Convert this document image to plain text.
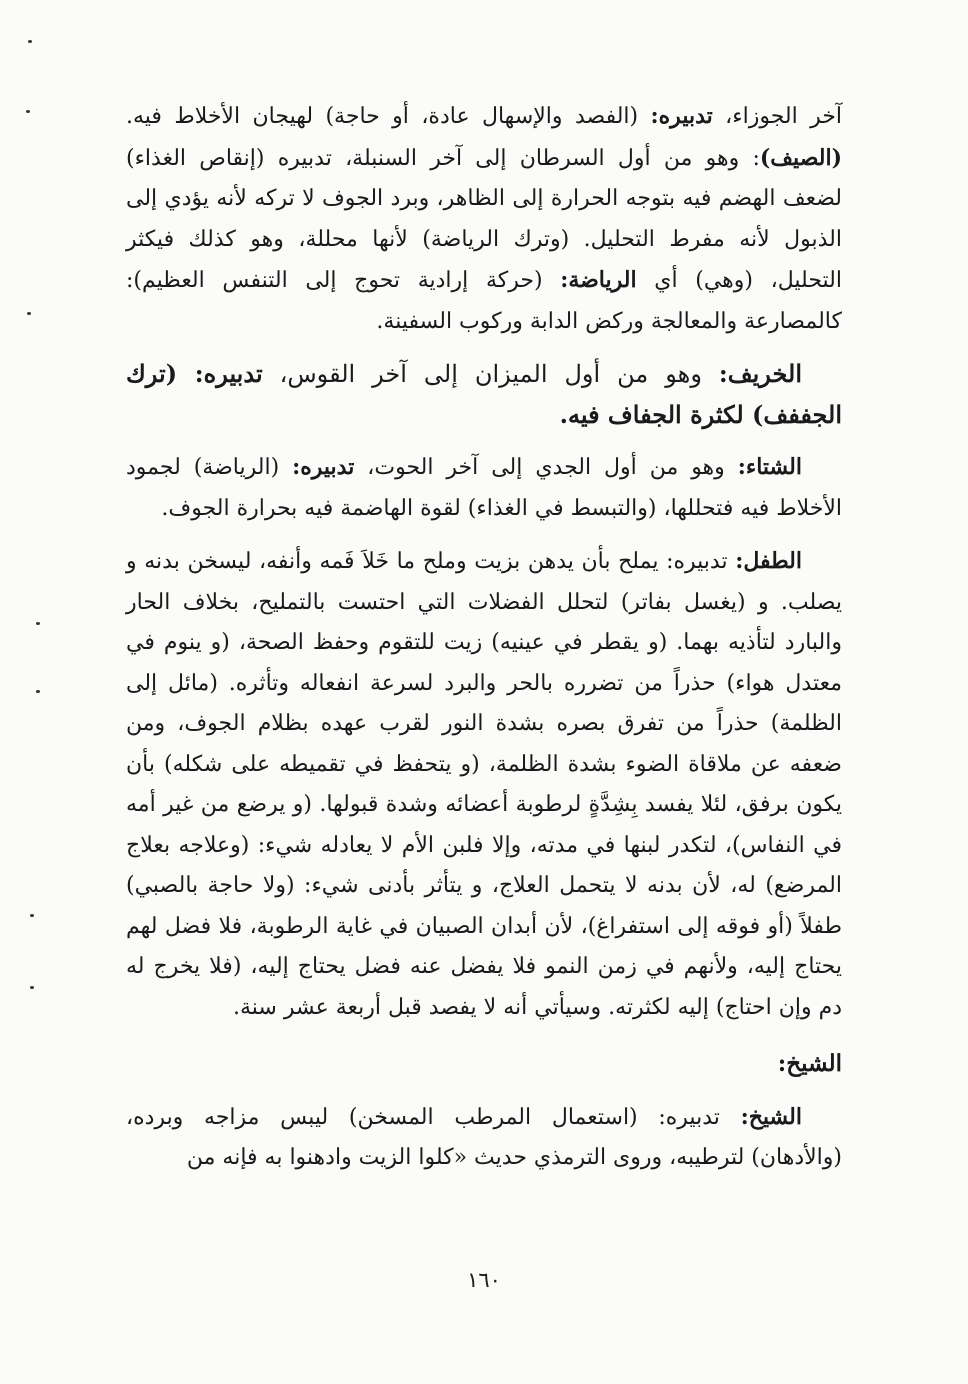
آخر الجوزاء، تدبيره: (الفصد والإسهال عادة، أو حاجة) لهيجان الأخلاط فيه. (الصيف): وهو من أول السرطان إلى آخر السنبلة، تدبيره (إنقاص الغذاء) لضعف الهضم فيه بتوجه الحرارة إلى الظاهر، وبرد الجوف لا تركه لأنه يؤدي إلى الذبول لأنه مفرط التحليل. (وترك الرياضة) لأنها محللة، وهو كذلك فيكثر التحليل، (وهي) أي الرياضة: (حركة إرادية تحوج إلى التنفس العظيم): كالمصارعة والمعالجة وركض الدابة وركوب السفينة.
الخريف: وهو من أول الميزان إلى آخر القوس، تدبيره: (ترك الجففف) لكثرة الجفاف فيه.
الشتاء: وهو من أول الجدي إلى آخر الحوت، تدبيره: (الرياضة) لجمود الأخلاط فيه فتحللها، (والتبسط في الغذاء) لقوة الهاضمة فيه بحرارة الجوف.
الطفل: تدبيره: يملح بأن يدهن بزيت وملح ما خَلاَ فَمه وأنفه، ليسخن بدنه و يصلب. و (يغسل بفاتر) لتحلل الفضلات التي احتست بالتمليح، بخلاف الحار والبارد لتأذيه بهما. (و يقطر في عينيه) زيت للتقوم وحفظ الصحة، (و ينوم في معتدل هواء) حذراً من تضرره بالحر والبرد لسرعة انفعاله وتأثره. (مائل إلى الظلمة) حذراً من تفرق بصره بشدة النور لقرب عهده بظلام الجوف، ومن ضعفه عن ملاقاة الضوء بشدة الظلمة، (و يتحفظ في تقميطه على شكله) بأن يكون برفق، لئلا يفسد بِشِدَّةٍ لرطوبة أعضائه وشدة قبولها. (و يرضع من غير أمه في النفاس)، لتكدر لبنها في مدته، وإلا فلبن الأم لا يعادله شيء: (وعلاجه بعلاج المرضع) له، لأن بدنه لا يتحمل العلاج، و يتأثر بأدنى شيء: (ولا حاجة بالصبي) طفلاً (أو فوقه إلى استفراغ)، لأن أبدان الصبيان في غاية الرطوبة، فلا فضل لهم يحتاج إليه، ولأنهم في زمن النمو فلا يفضل عنه فضل يحتاج إليه، (فلا يخرج له دم وإن احتاج) إليه لكثرته. وسيأتي أنه لا يفصد قبل أربعة عشر سنة.
الشيخ:
الشيخ: تدبيره: (استعمال المرطب المسخن) ليبس مزاجه وبرده، (والأدهان) لترطيبه، وروى الترمذي حديث «كلوا الزيت وادهنوا به فإنه من
١٦٠
